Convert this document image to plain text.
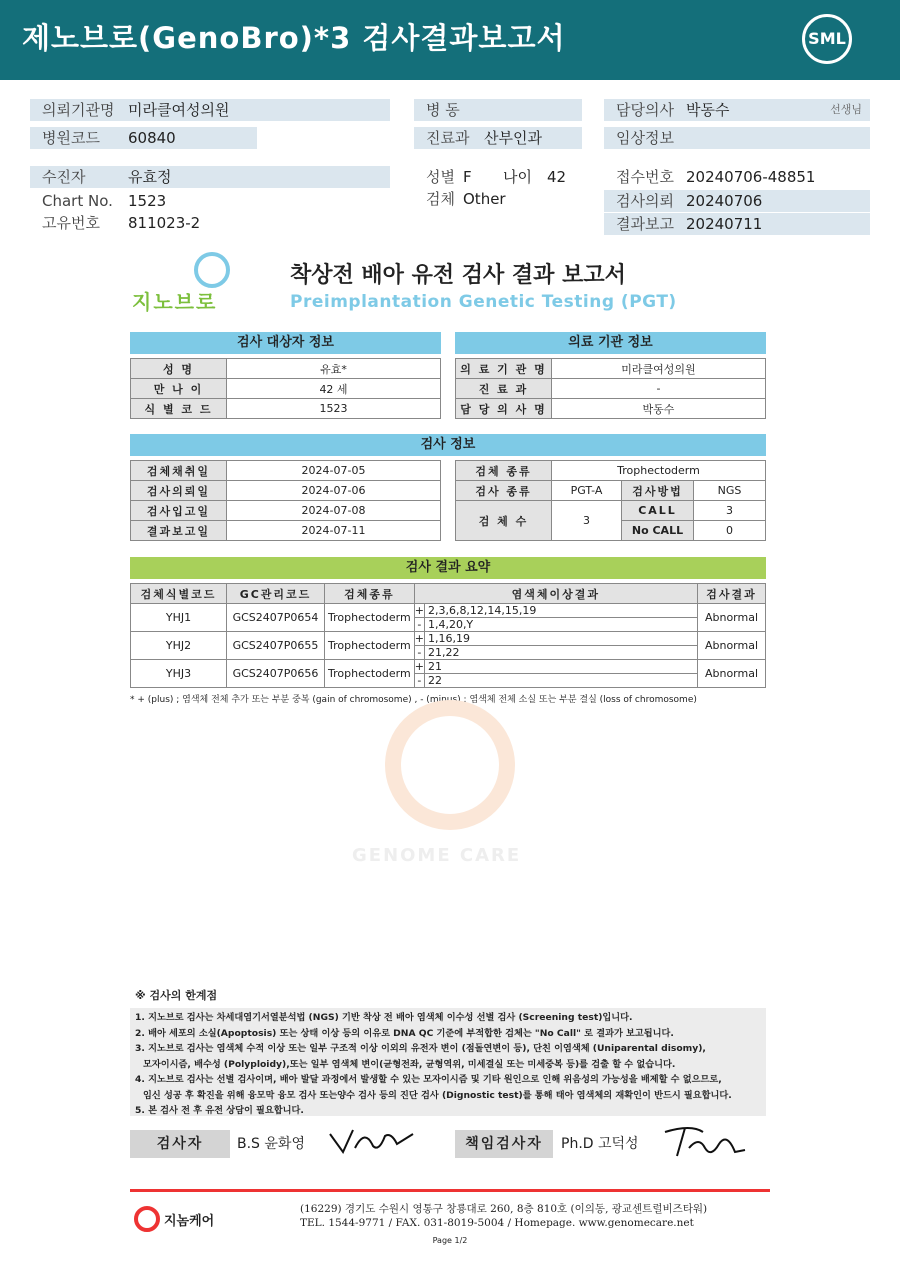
제노브로(GenoBro)*3 검사결과보고서	SML
의뢰기관명 미라클여성의원
병원코드 60840
병 동
진료과 산부인과
담당의사 박동수	선생님
임상정보
수진자	유효정
Chart No. 1523
고유번호 811023-2
성별 F 나이 42
검체 Other
접수번호 20240706-48851
검사의뢰 20240706
결과보고 20240711
지노브로
착상전 배아 유전 검사 결과 보고서
Preimplantation Genetic Testing (PGT)
검사 대상자 정보
성 명	유효*
만 나 이	42 세
식 별 코 드	1523
의료 기관 정보
의 료 기 관 명	미라클여성의원
진 료 과	-
담 당 의 사 명	박동수
검사 정보
검체채취일	2024-07-05
검사의뢰일	2024-07-06
검사입고일	2024-07-08
결과보고일	2024-07-11
검체 종류	Trophectoderm		
검사 종류	PGT-A	검사방법	NGS
검 체 수	3	CALL	3
		No CALL	0
검사 결과 요약
검체식별코드	GC관리코드	검체종류	염색체이상결과		검사결과
YHJ1	GCS2407P0654	Trophectoderm	+	2,3,6,8,12,14,15,19	Abnormal
			-	1,4,20,Y	
YHJ2	GCS2407P0655	Trophectoderm	+	1,16,19	Abnormal
			-	21,22	
YHJ3	GCS2407P0656	Trophectoderm	+	21	Abnormal
			-	22	
* + (plus) ; 염색체 전체 추가 또는 부분 중복 (gain of chromosome) , - (minus) ; 염색체 전체 소실 또는 부분 결실 (loss of chromosome)
GENOME CARE
※ 검사의 한계점
1. 지노브로 검사는 차세대염기서열분석법 (NGS) 기반 착상 전 배아 염색체 이수성 선별 검사 (Screening test)입니다.
2. 배아 세포의 소실(Apoptosis) 또는 상태 이상 등의 이유로 DNA QC 기준에 부적합한 검체는 "No Call" 로 결과가 보고됩니다.
3. 지노브로 검사는 염색체 수적 이상 또는 일부 구조적 이상 이외의 유전자 변이 (점돌연변이 등), 단친 이염색체 (Uniparental disomy),
모자이시즘, 배수성 (Polyploidy),또는 일부 염색체 변이(균형전좌, 균형역위, 미세결실 또는 미세중복 등)를 검출 할 수 없습니다.
4. 지노브로 검사는 선별 검사이며, 배아 발달 과정에서 발생할 수 있는 모자이시즘 및 기타 원인으로 인해 위음성의 가능성을 배제할 수 없으므로,
임신 성공 후 확진을 위해 융모막 융모 검사 또는양수 검사 등의 진단 검사 (Dignostic test)를 통해 태아 염색체의 재확인이 반드시 필요합니다.
5. 본 검사 전 후 유전 상담이 필요합니다.
검사자	B.S 윤화영	책임검사자	Ph.D 고덕성
지놈케어
(16229) 경기도 수원시 영통구 창룡대로 260, 8층 810호 (이의동, 광교센트럴비즈타워)
TEL. 1544-9771 / FAX. 031-8019-5004 / Homepage. www.genomecare.net
Page 1/2
